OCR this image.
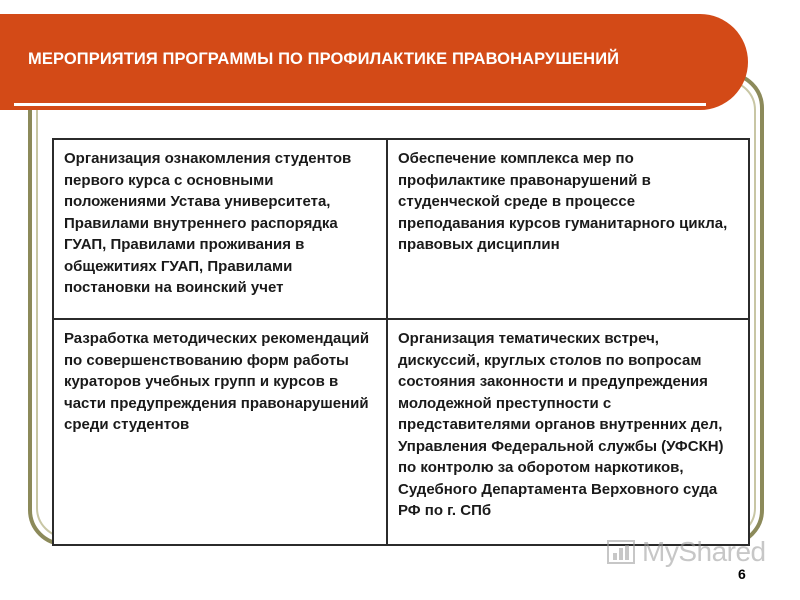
МЕРОПРИЯТИЯ ПРОГРАММЫ ПО ПРОФИЛАКТИКЕ ПРАВОНАРУШЕНИЙ
Организация ознакомления студентов первого курса с основными положениями Устава университета, Правилами внутреннего распорядка ГУАП, Правилами проживания в общежитиях ГУАП, Правилами постановки на воинский учет	Обеспечение комплекса мер по профилактике правонарушений в студенческой среде в процессе преподавания курсов гуманитарного цикла, правовых дисциплин
Разработка методических рекомендаций по совершенствованию форм работы кураторов учебных групп и курсов в части предупреждения правонарушений среди студентов	Организация тематических встреч, дискуссий, круглых столов по вопросам состояния законности и предупреждения молодежной преступности с представителями органов внутренних дел, Управления Федеральной службы (УФСКН) по контролю за оборотом наркотиков, Судебного Департамента Верховного суда РФ по г. СПб
MyShared
6
